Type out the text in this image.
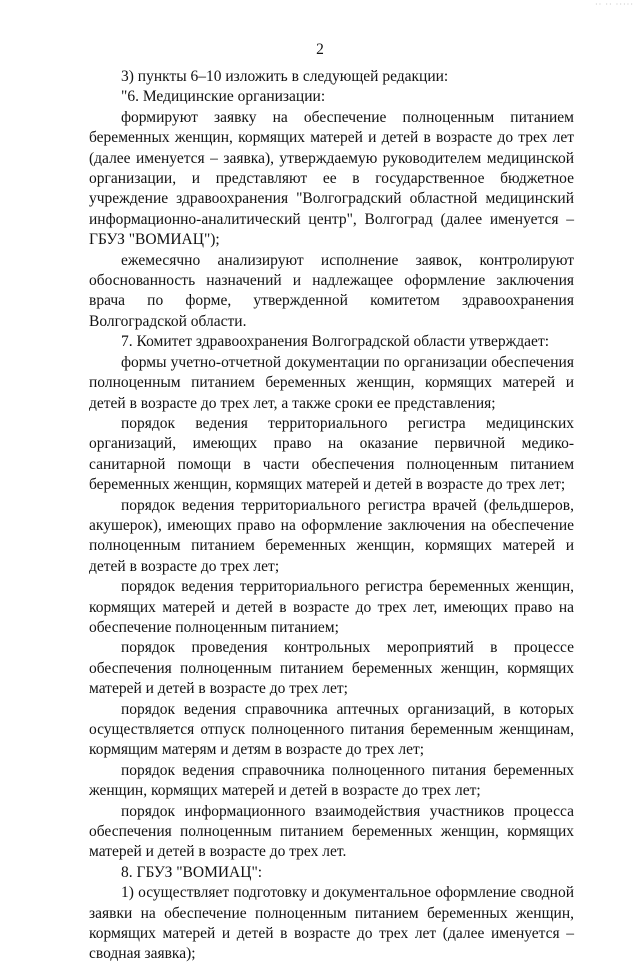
·· ·· ·····
2

3) пункты 6–10 изложить в следующей редакции:

"6. Медицинские организации:

формируют заявку на обеспечение полноценным питанием беременных женщин, кормящих матерей и детей в возрасте до трех лет (далее именуется – заявка), утверждаемую руководителем медицинской организации, и представляют ее в государственное бюджетное учреждение здравоохранения "Волгоградский областной медицинский информационно-аналитический центр", Волгоград (далее именуется – ГБУЗ "ВОМИАЦ");

ежемесячно анализируют исполнение заявок, контролируют обоснованность назначений и надлежащее оформление заключения врача по форме, утвержденной комитетом здравоохранения Волгоградской области.

7. Комитет здравоохранения Волгоградской области утверждает:

формы учетно-отчетной документации по организации обеспечения полноценным питанием беременных женщин, кормящих матерей и детей в возрасте до трех лет, а также сроки ее представления;

порядок ведения территориального регистра медицинских организаций, имеющих право на оказание первичной медико-санитарной помощи в части обеспечения полноценным питанием беременных женщин, кормящих матерей и детей в возрасте до трех лет;

порядок ведения территориального регистра врачей (фельдшеров, акушерок), имеющих право на оформление заключения на обеспечение полноценным питанием беременных женщин, кормящих матерей и детей в возрасте до трех лет;

порядок ведения территориального регистра беременных женщин, кормящих матерей и детей в возрасте до трех лет, имеющих право на обеспечение полноценным питанием;

порядок проведения контрольных мероприятий в процессе обеспечения полноценным питанием беременных женщин, кормящих матерей и детей в возрасте до трех лет;

порядок ведения справочника аптечных организаций, в которых осуществляется отпуск полноценного питания беременным женщинам, кормящим матерям и детям в возрасте до трех лет;

порядок ведения справочника полноценного питания беременных женщин, кормящих матерей и детей в возрасте до трех лет;

порядок информационного взаимодействия участников процесса обеспечения полноценным питанием беременных женщин, кормящих матерей и детей в возрасте до трех лет.

8. ГБУЗ "ВОМИАЦ":

1) осуществляет подготовку и документальное оформление сводной заявки на обеспечение полноценным питанием беременных женщин, кормящих матерей и детей в возрасте до трех лет (далее именуется – сводная заявка);
